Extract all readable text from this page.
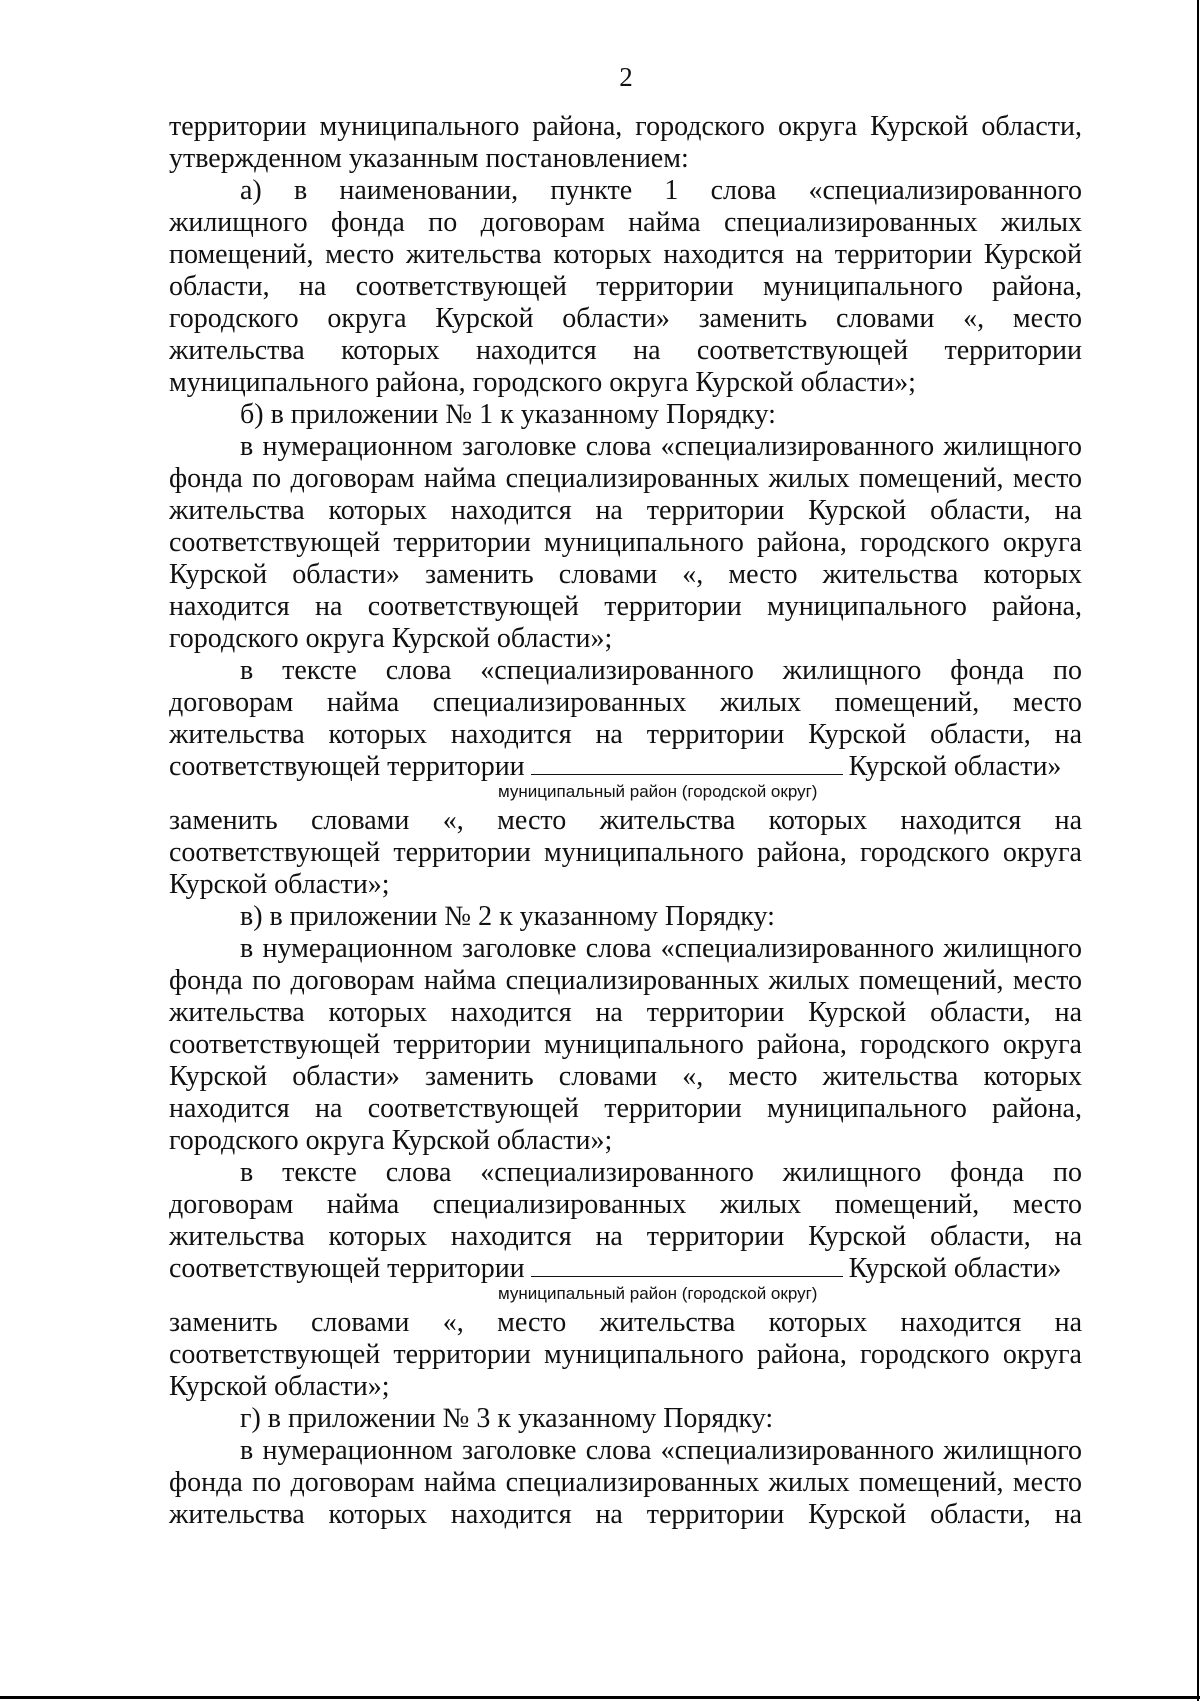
2
территории муниципального района, городского округа Курской области,
утвержденном указанным постановлением:
а) в наименовании, пункте 1 слова «специализированного
жилищного фонда по договорам найма специализированных жилых
помещений, место жительства которых находится на территории Курской
области, на соответствующей территории муниципального района,
городского округа Курской области» заменить словами «, место
жительства которых находится на соответствующей территории
муниципального района, городского округа Курской области»;
б) в приложении № 1 к указанному Порядку:
в нумерационном заголовке слова «специализированного жилищного
фонда по договорам найма специализированных жилых помещений, место
жительства которых находится на территории Курской области, на
соответствующей территории муниципального района, городского округа
Курской области» заменить словами «, место жительства которых
находится на соответствующей территории муниципального района,
городского округа Курской области»;
в тексте слова «специализированного жилищного фонда по
договорам найма специализированных жилых помещений, место
жительства которых находится на территории Курской области, на
соответствующей территории	Курской области»
муниципальный район (городской округ)
заменить словами «, место жительства которых находится на
соответствующей территории муниципального района, городского округа
Курской области»;
в) в приложении № 2 к указанному Порядку:
в нумерационном заголовке слова «специализированного жилищного
фонда по договорам найма специализированных жилых помещений, место
жительства которых находится на территории Курской области, на
соответствующей территории муниципального района, городского округа
Курской области» заменить словами «, место жительства которых
находится на соответствующей территории муниципального района,
городского округа Курской области»;
в тексте слова «специализированного жилищного фонда по
договорам найма специализированных жилых помещений, место
жительства которых находится на территории Курской области, на
соответствующей территории	Курской области»
муниципальный район (городской округ)
заменить словами «, место жительства которых находится на
соответствующей территории муниципального района, городского округа
Курской области»;
г) в приложении № 3 к указанному Порядку:
в нумерационном заголовке слова «специализированного жилищного
фонда по договорам найма специализированных жилых помещений, место
жительства которых находится на территории Курской области, на
